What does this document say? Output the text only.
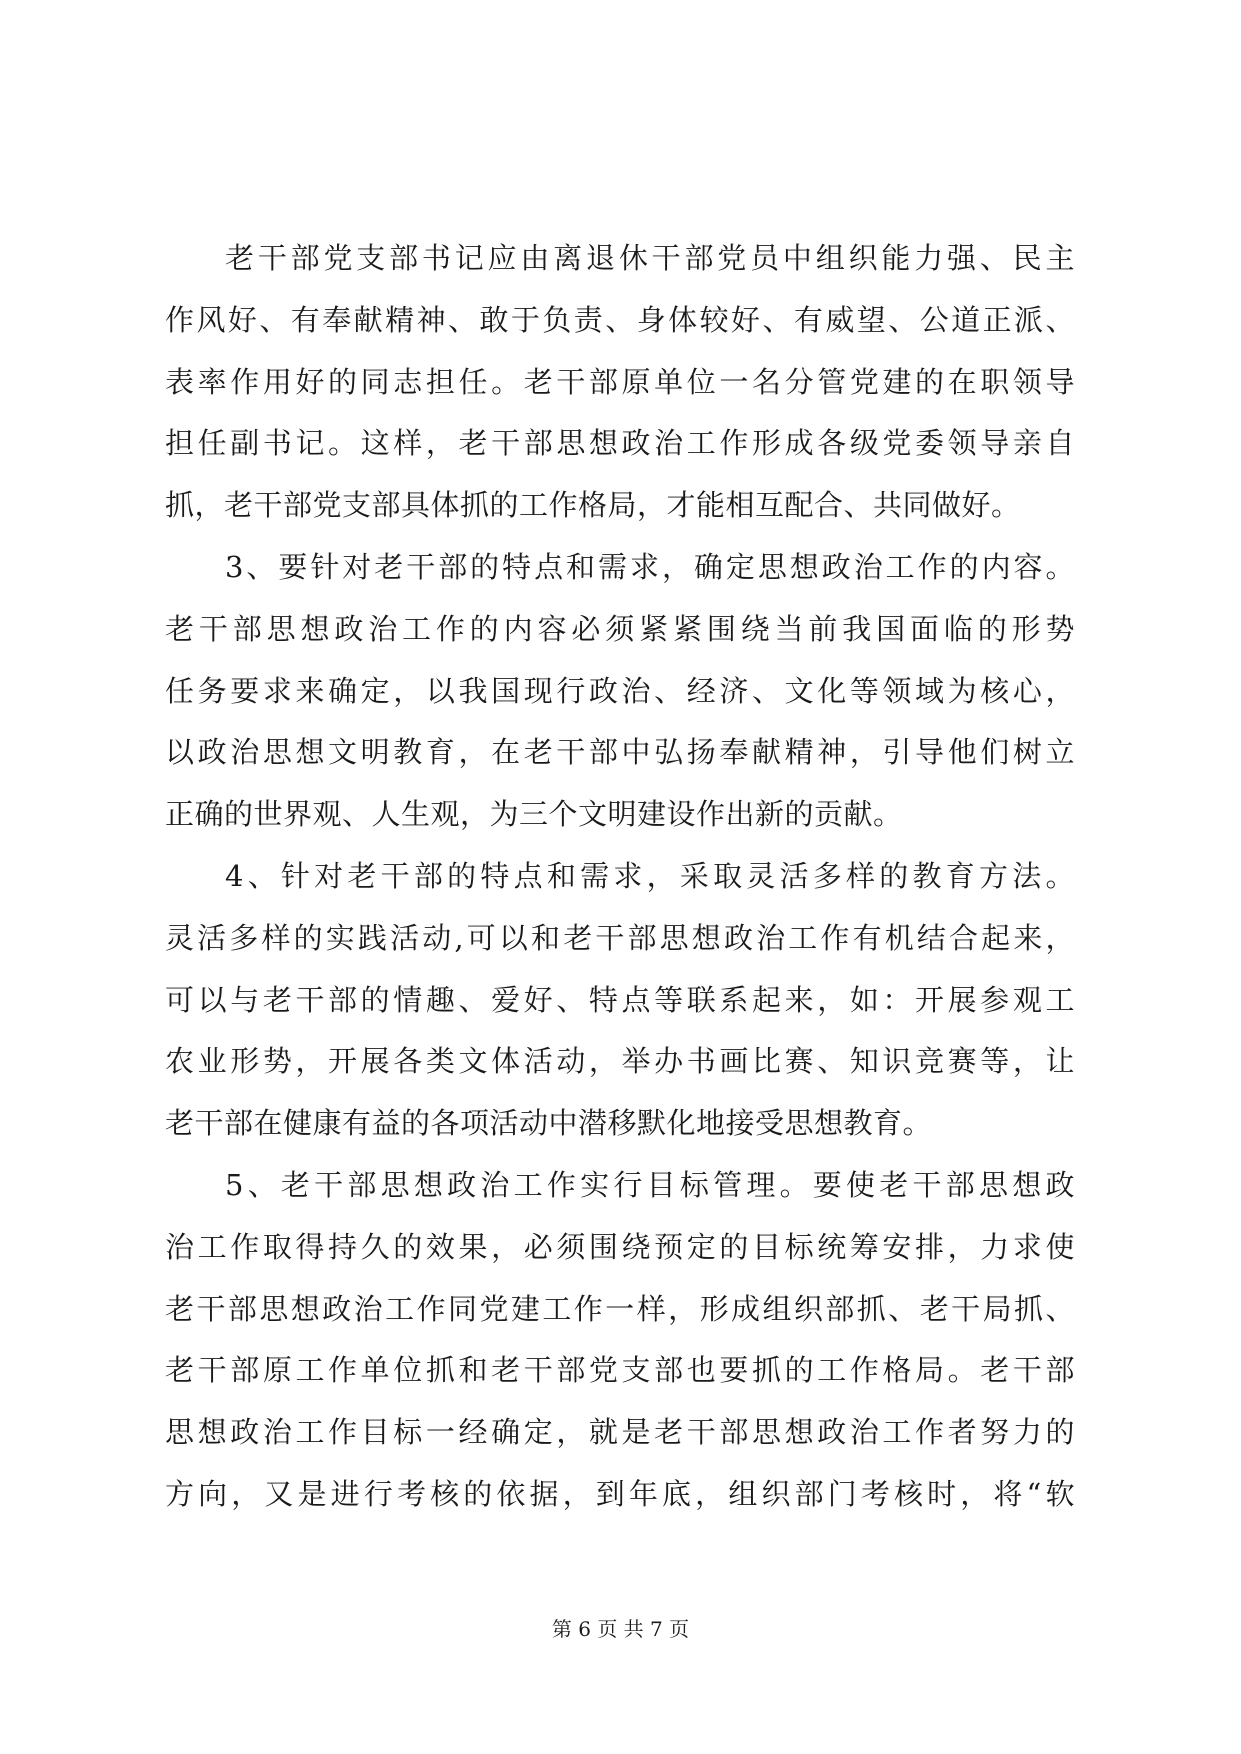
老干部党支部书记应由离退休干部党员中组织能力强、民主
作风好、有奉献精神、敢于负责、身体较好、有威望、公道正派、
表率作用好的同志担任。老干部原单位一名分管党建的在职领导
担任副书记。这样，老干部思想政治工作形成各级党委领导亲自
抓，老干部党支部具体抓的工作格局，才能相互配合、共同做好。
3、要针对老干部的特点和需求，确定思想政治工作的内容。
老干部思想政治工作的内容必须紧紧围绕当前我国面临的形势
任务要求来确定，以我国现行政治、经济、文化等领域为核心，
以政治思想文明教育，在老干部中弘扬奉献精神，引导他们树立
正确的世界观、人生观，为三个文明建设作出新的贡献。
4、针对老干部的特点和需求，采取灵活多样的教育方法。
灵活多样的实践活动,可以和老干部思想政治工作有机结合起来，
可以与老干部的情趣、爱好、特点等联系起来，如：开展参观工
农业形势，开展各类文体活动，举办书画比赛、知识竞赛等，让
老干部在健康有益的各项活动中潜移默化地接受思想教育。
5、老干部思想政治工作实行目标管理。要使老干部思想政
治工作取得持久的效果，必须围绕预定的目标统筹安排，力求使
老干部思想政治工作同党建工作一样，形成组织部抓、老干局抓、
老干部原工作单位抓和老干部党支部也要抓的工作格局。老干部
思想政治工作目标一经确定，就是老干部思想政治工作者努力的
方向，又是进行考核的依据，到年底，组织部门考核时，将“软
第 6 页 共 7 页
